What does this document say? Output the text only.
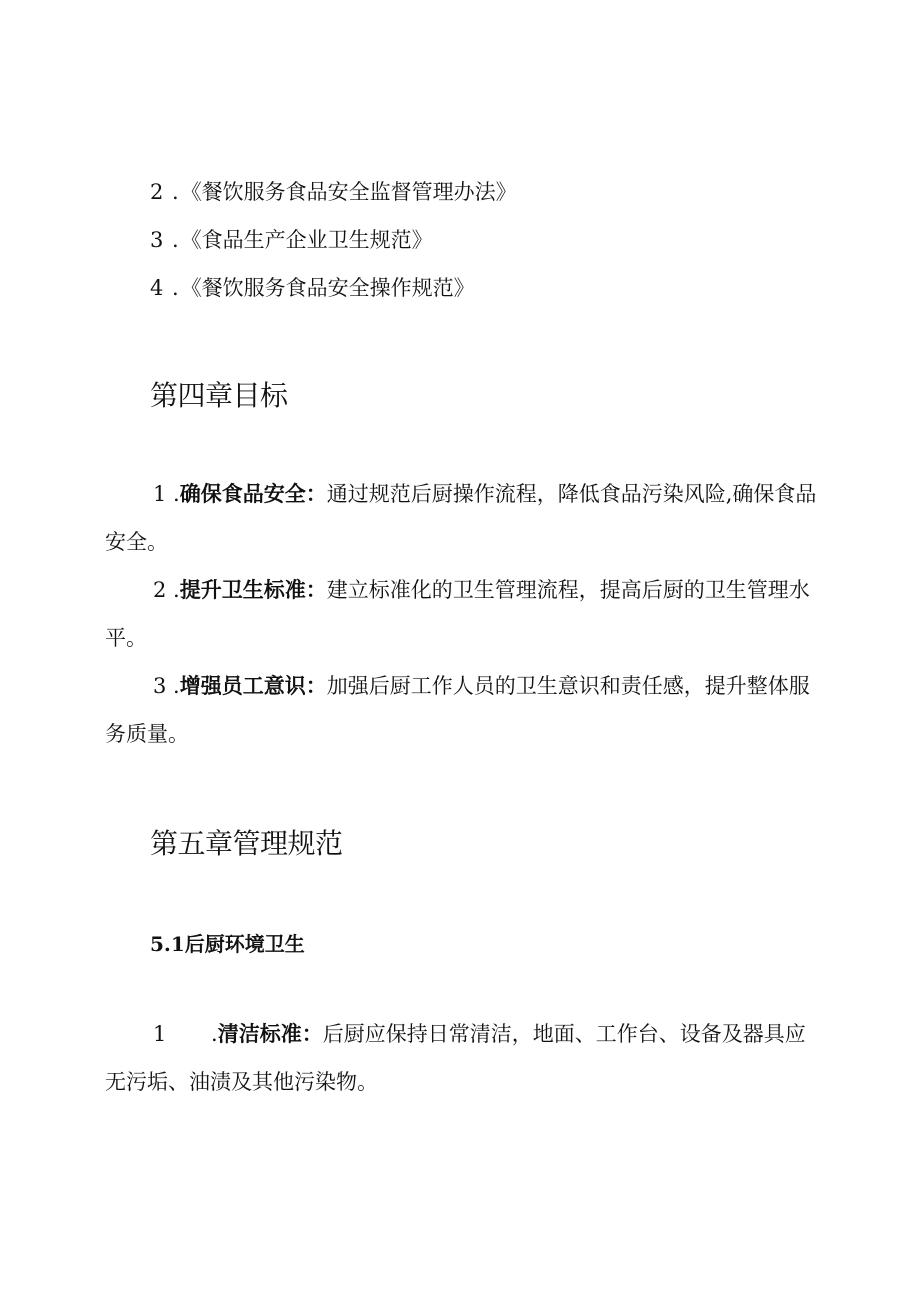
2 .《餐饮服务食品安全监督管理办法》
3 .《食品生产企业卫生规范》
4 .《餐饮服务食品安全操作规范》
第四章目标

1 .确保食品安全：通过规范后厨操作流程，降低食品污染风险,确保食品安全。

2 .提升卫生标准：建立标准化的卫生管理流程，提高后厨的卫生管理水平。

3 .增强员工意识：加强后厨工作人员的卫生意识和责任感，提升整体服务质量。

第五章管理规范
5.1后厨环境卫生

1 .清洁标准：后厨应保持日常清洁，地面、工作台、设备及器具应无污垢、油渍及其他污染物。
